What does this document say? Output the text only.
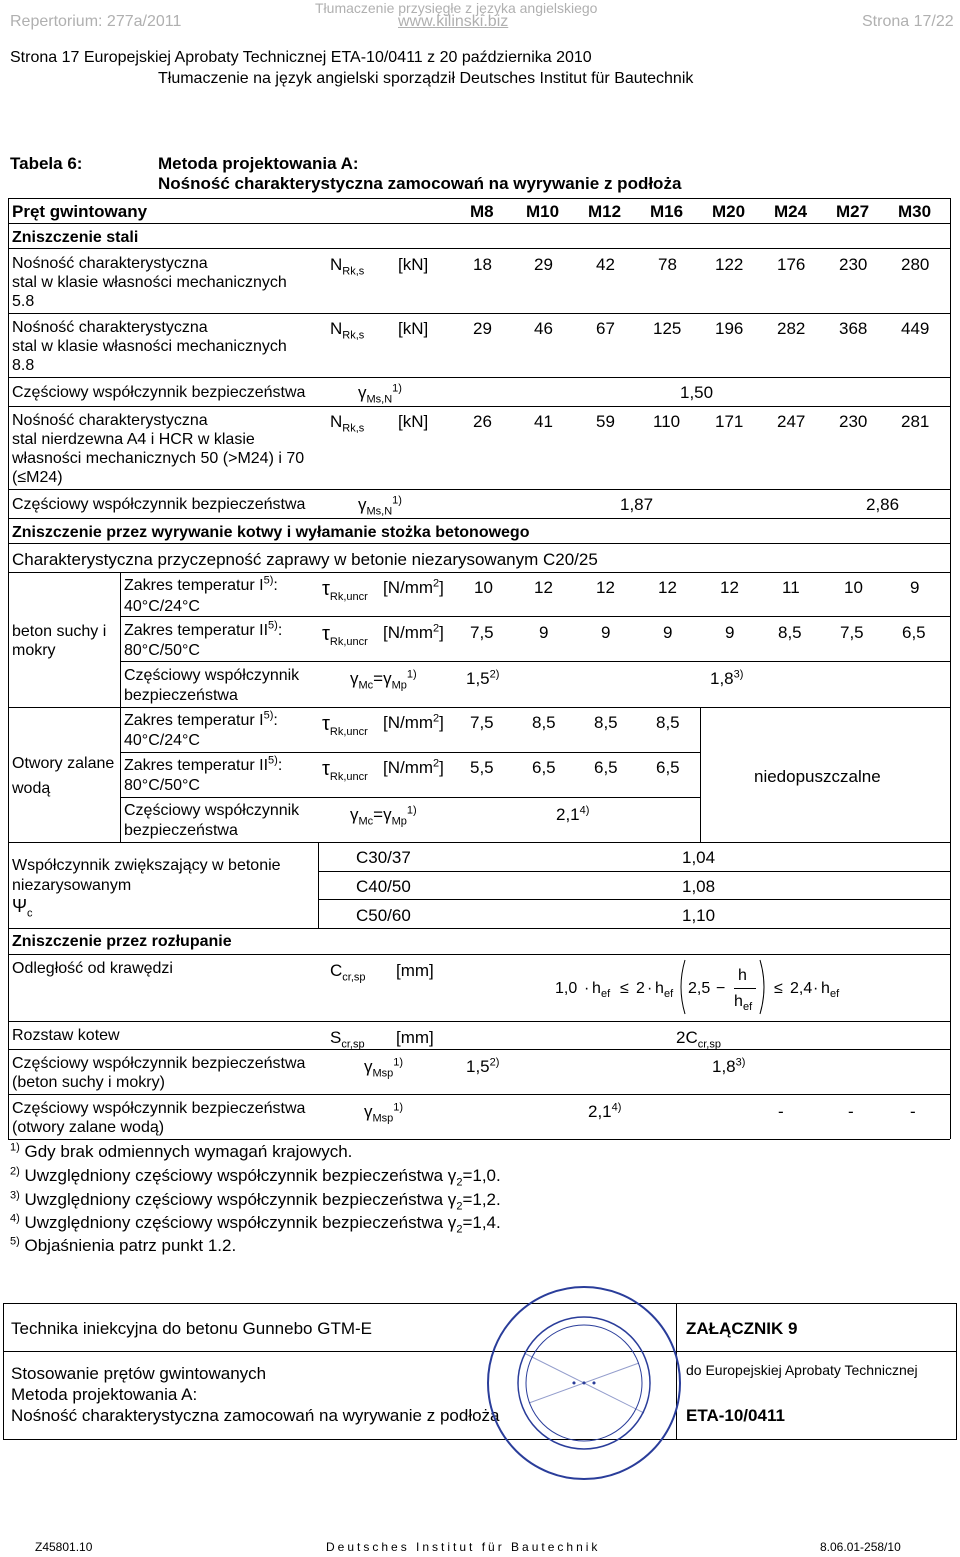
Repertorium: 277a/2011
Tłumaczenie przysięgłe z języka angielskiego
www.kilinski.biz	Strona 17/22
Strona 17 Europejskiej Aprobaty Technicznej ETA-10/0411 z 20 października 2010
Tłumaczenie na język angielski sporządził Deutsches Institut für Bautechnik
Tabela 6:	Metoda projektowania A:
Nośność charakterystyczna zamocowań na wyrywanie z podłoża
Pręt gwintowany	M8 M10 M12 M16 M20 M24 M27 M30
Zniszczenie stali
Nośność charakterystyczna
stal w klasie własności mechanicznych
5.8
$N_{Rk,s}$ [kN]	18 29	42	78 122 176 230 280
Nośność charakterystyczna
stal w klasie własności mechanicznych
8.8
$N_{Rk,s}$ [kN]	29 46	67 125 196 282 368 449
Częściowy współczynnik bezpieczeństwa	$\gamma_{Ms,N}^{1)}$	1,50
Nośność charakterystyczna
stal nierdzewna A4 i HCR w klasie
własności mechanicznych 50 (>M24) i 70
(≤M24)
$N_{Rk,s}$ [kN]	26 41	59 110 171 247 230 281
Częściowy współczynnik bezpieczeństwa	$\gamma_{Ms,N}^{1)}$	1,87	2,86
Zniszczenie przez wyrywanie kotwy i wyłamanie stożka betonowego
Charakterystyczna przyczepność zaprawy w betonie niezarysowanym C20/25
beton suchy i
mokry
Zakres temperatur $I^{5)}$:
40°C/24°C
$\tau_{Rk,uncr}$ $[N/mm^2]$ 10 12	12	12	12	11	10	9
Zakres temperatur II$^{5)}$:
80°C/50°C
$\tau_{Rk,uncr}$ $[N/mm^2]$ 7,5	9	9	9	9	8,5 7,5 6,5
Częściowy współczynnik
bezpieczeństwa
$\gamma_{Mc}=\gamma_{Mp}^{1)}$	1,5$^{2)}$	1,8$^{3)}$
Otwory zalane
wodą
Zakres temperatur $I^{5)}$:
40°C/24°C
$\tau_{Rk,uncr}$ $[N/mm^2]$ 7,5 8,5 8,5 8,5
Zakres temperatur II$^{5)}$:
80°C/50°C
$\tau_{Rk,uncr}$ $[N/mm^2]$ 5,5 6,5 6,5 6,5	niedopuszczalne
Częściowy współczynnik
bezpieczeństwa
$\gamma_{Mc}=\gamma_{Mp}^{1)}$	2,1$^{4)}$
Współczynnik zwiększający w betonie
niezarysowanym
$\Psi_c$
C30/37	1,04
C40/50	1,08
C50/60	1,10
Zniszczenie przez rozłupanie
Odległość od krawędzi	$C_{cr,sp}$ [mm]
1,0 · h ef ≤ 2 · h ef 2,5 −
h
h ef
≤ 2,4 · h ef
Rozstaw kotew	$S_{cr,sp}$ [mm]	$2C_{cr,sp}$
Częściowy współczynnik bezpieczeństwa
(beton suchy i mokry)
$\gamma_{Msp}^{1)}$	1,5$^{2)}$	1,8$^{3)}$
Częściowy współczynnik bezpieczeństwa
(otwory zalane wodą)
$\gamma_{Msp}^{1)}$	2,1$^{4)}$	-	-	-
$^{1)}$ Gdy brak odmiennych wymagań krajowych.
$^{2)}$ Uwzględniony częściowy współczynnik bezpieczeństwa $\gamma_2=1,0$.
$^{3)}$ Uwzględniony częściowy współczynnik bezpieczeństwa $\gamma_2=1,2$.
$^{4)}$ Uwzględniony częściowy współczynnik bezpieczeństwa $\gamma_2=1,4$.
$^{5)}$ Objaśnienia patrz punkt 1.2.
Technika iniekcyjna do betonu Gunnebo GTM-E
Stosowanie prętów gwintowanych
Metoda projektowania A:
Nośność charakterystyczna zamocowań na wyrywanie z podłoża
ZAŁĄCZNIK 9
do Europejskiej Aprobaty Technicznej
ETA-10/0411
• • •
Z45801.10	Deutsches Institut für Bautechnik	8.06.01-258/10
